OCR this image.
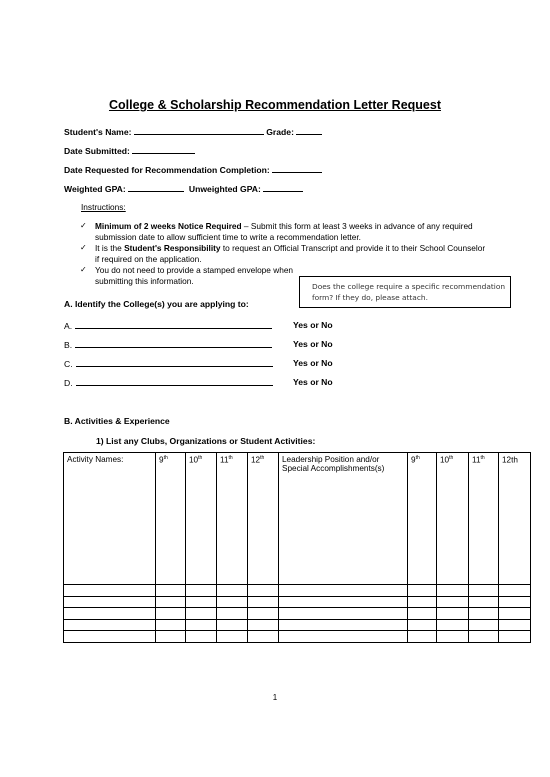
College & Scholarship Recommendation Letter Request
Student's Name:	Grade:
Date Submitted:
Date Requested for Recommendation Completion:
Weighted GPA:	Unweighted GPA:
Instructions:
✓ Minimum of 2 weeks Notice Required – Submit this form at least 3 weeks in advance of any required submission date to allow sufficient time to write a recommendation letter.
✓ It is the Student's Responsibility to request an Official Transcript and provide it to their School Counselor if required on the application.
✓ You do not need to provide a stamped envelope when submitting this information.
Does the college require a specific recommendation form? If they do, please attach.
A. Identify the College(s) you are applying to:
A.	Yes or No
B.	Yes or No
C.	Yes or No
D.	Yes or No
B. Activities & Experience
1) List any Clubs, Organizations or Student Activities:
Activity Names:	9th	10th	11th	12th	Leadership Position and/or Special Accomplishments(s)	9th	10th	11th	12th

1
